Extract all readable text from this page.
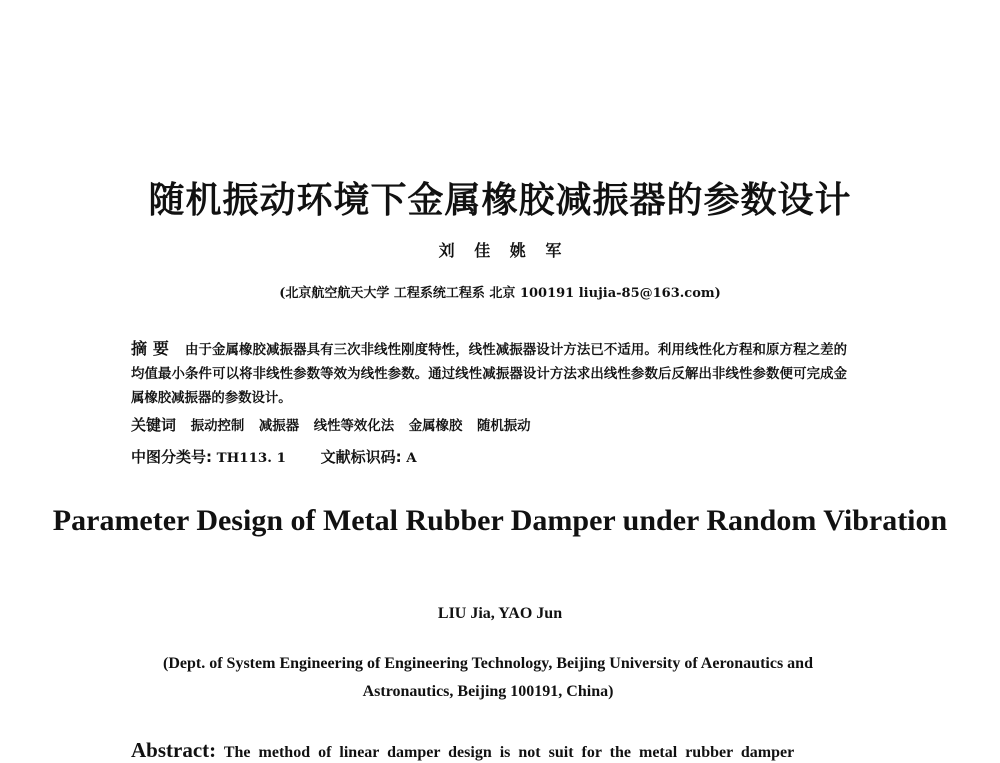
随机振动环境下金属橡胶减振器的参数设计
刘 佳 姚 军
(北京航空航天大学 工程系统工程系 北京 100191 liujia-85@163.com)
摘 要 由于金属橡胶减振器具有三次非线性刚度特性，线性减振器设计方法已不适用。利用线性化方程和原方程之差的均值最小条件可以将非线性参数等效为线性参数。通过线性减振器设计方法求出线性参数后反解出非线性参数便可完成金属橡胶减振器的参数设计。
关键词 振动控制 减振器 线性等效化法 金属橡胶 随机振动
中图分类号: TH113. 1 文献标识码: A
Parameter Design of Metal Rubber Damper under Random Vibration
LIU Jia, YAO Jun
(Dept. of System Engineering of Engineering Technology, Beijing University of Aeronautics and Astronautics, Beijing 100191, China)
Abstract: The method of linear damper design is not suit for the metal rubber damper
